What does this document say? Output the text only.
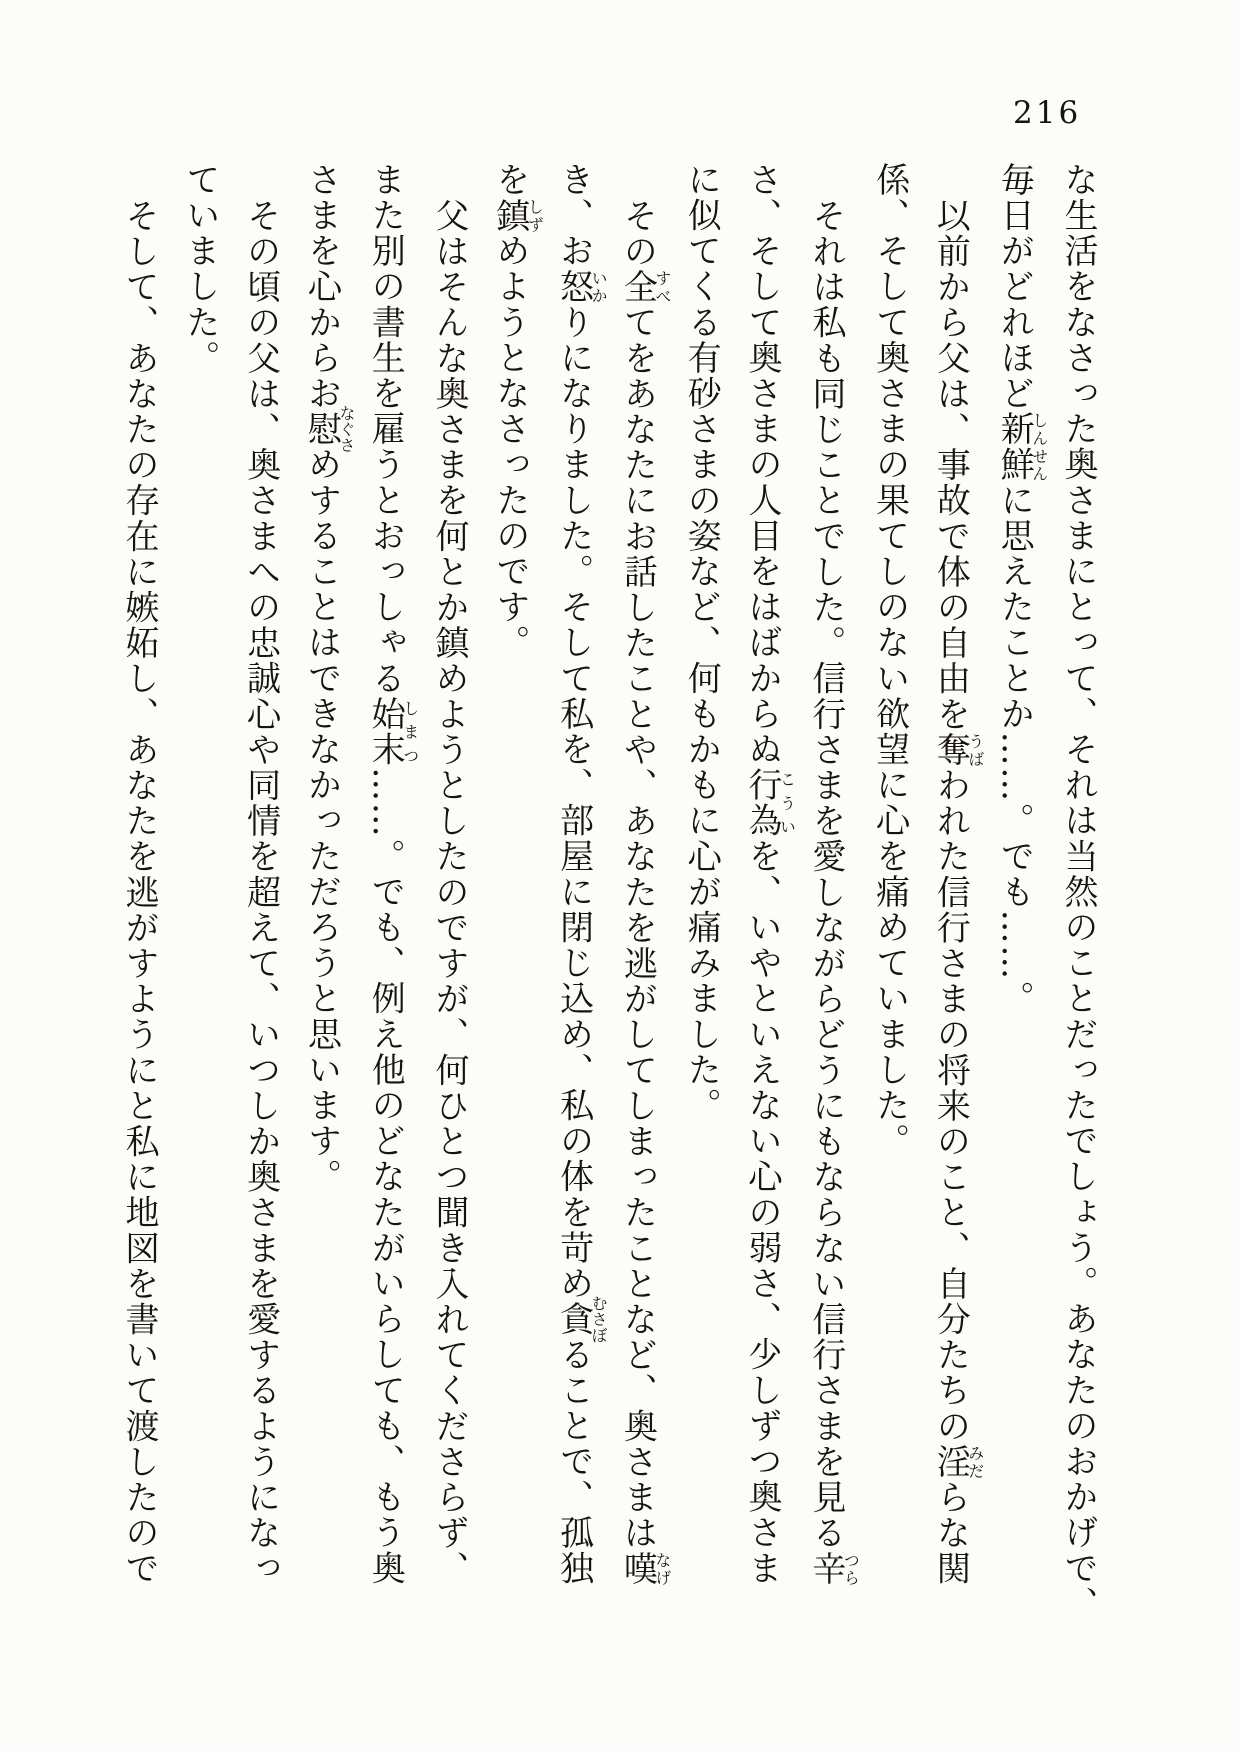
216

な生活をなさった奥さまにとって、それは当然のことだったでしょう。あなたのおかげで、

毎日がどれほど新鮮しんせんに思えたことか……。でも……。

以前から父は、事故で体の自由を奪うばわれた信行さまの将来のこと、自分たちの淫みだらな関

係、そして奥さまの果てしのない欲望に心を痛めていました。

それは私も同じことでした。信行さまを愛しながらどうにもならない信行さまを見る辛つら

さ、そして奥さまの人目をはばからぬ行為こういを、いやといえない心の弱さ、少しずつ奥さま

に似てくる有砂さまの姿など、何もかもに心が痛みました。

その全すべてをあなたにお話したことや、あなたを逃がしてしまったことなど、奥さまは嘆なげ

き、お怒いかりになりました。そして私を、部屋に閉じ込め、私の体を苛め貪むさぼることで、孤独

を鎮しずめようとなさったのです。

父はそんな奥さまを何とか鎮めようとしたのですが、何ひとつ聞き入れてくださらず、

また別の書生を雇うとおっしゃる始末しまつ……。でも、例え他のどなたがいらしても、もう奥

さまを心からお慰なぐさめすることはできなかっただろうと思います。

その頃の父は、奥さまへの忠誠心や同情を超えて、いつしか奥さまを愛するようになっ

ていました。

そして、あなたの存在に嫉妬し、あなたを逃がすようにと私に地図を書いて渡したので
